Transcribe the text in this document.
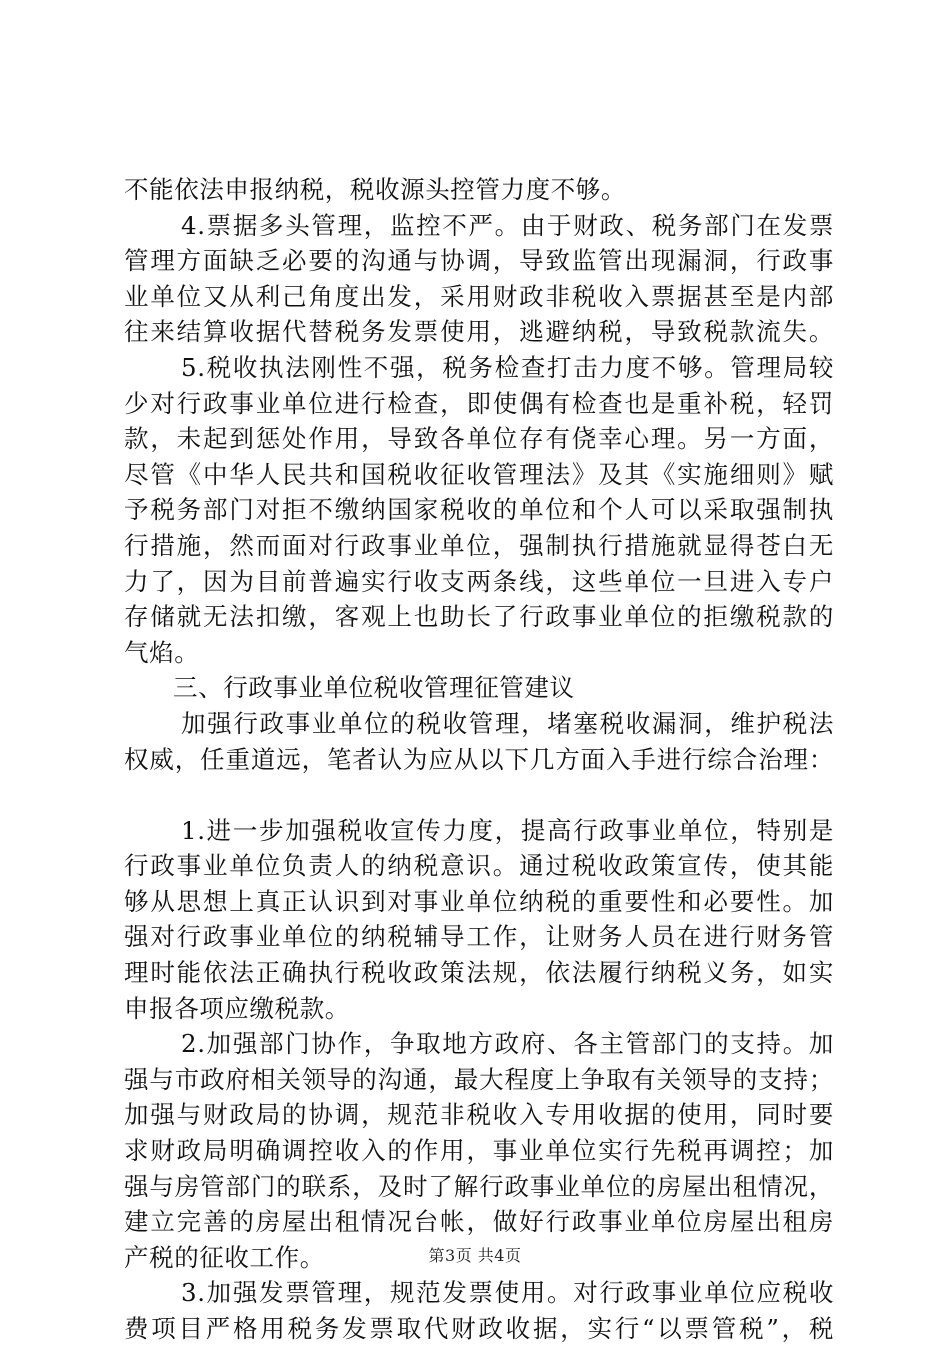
不能依法申报纳税，税收源头控管力度不够。
4.票据多头管理，监控不严。由于财政、税务部门在发票
管理方面缺乏必要的沟通与协调，导致监管出现漏洞，行政事
业单位又从利己角度出发，采用财政非税收入票据甚至是内部
往来结算收据代替税务发票使用，逃避纳税，导致税款流失。
5.税收执法刚性不强，税务检查打击力度不够。管理局较
少对行政事业单位进行检查，即使偶有检查也是重补税，轻罚
款，未起到惩处作用，导致各单位存有侥幸心理。另一方面，
尽管《中华人民共和国税收征收管理法》及其《实施细则》赋
予税务部门对拒不缴纳国家税收的单位和个人可以采取强制执
行措施，然而面对行政事业单位，强制执行措施就显得苍白无
力了，因为目前普遍实行收支两条线，这些单位一旦进入专户
存储就无法扣缴，客观上也助长了行政事业单位的拒缴税款的
气焰。
三、行政事业单位税收管理征管建议
加强行政事业单位的税收管理，堵塞税收漏洞，维护税法
权威，任重道远，笔者认为应从以下几方面入手进行综合治理：
1.进一步加强税收宣传力度，提高行政事业单位，特别是
行政事业单位负责人的纳税意识。通过税收政策宣传，使其能
够从思想上真正认识到对事业单位纳税的重要性和必要性。加
强对行政事业单位的纳税辅导工作，让财务人员在进行财务管
理时能依法正确执行税收政策法规，依法履行纳税义务，如实
申报各项应缴税款。
2.加强部门协作，争取地方政府、各主管部门的支持。加
强与市政府相关领导的沟通，最大程度上争取有关领导的支持；
加强与财政局的协调，规范非税收入专用收据的使用，同时要
求财政局明确调控收入的作用，事业单位实行先税再调控；加
强与房管部门的联系，及时了解行政事业单位的房屋出租情况，
建立完善的房屋出租情况台帐，做好行政事业单位房屋出租房
产税的征收工作。
3.加强发票管理，规范发票使用。对行政事业单位应税收
费项目严格用税务发票取代财政收据，实行“以票管税”，税
第3页 共4页
